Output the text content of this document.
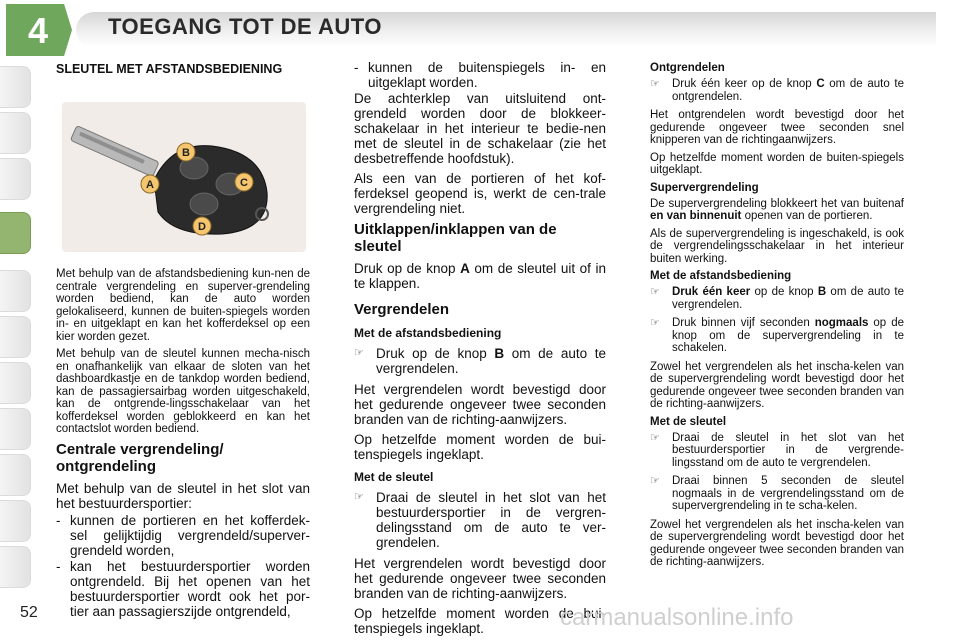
4	TOEGANG TOT DE AUTO
SLEUTEL MET AFSTANDSBEDIENING
B
C
A
D

Met behulp van de afstandsbediening kun-nen de centrale vergrendeling en superver-grendeling worden bediend, kan de auto worden gelokaliseerd, kunnen de buiten-spiegels worden in- en uitgeklapt en kan het kofferdeksel op een kier worden gezet.

Met behulp van de sleutel kunnen mecha-nisch en onafhankelijk van elkaar de sloten van het dashboardkastje en de tankdop worden bediend, kan de passagiersairbag worden uitgeschakeld, kan de ontgrende-lingsschakelaar van het kofferdeksel worden geblokkeerd en kan het contactslot worden bediend.

Centrale vergrendeling/ ontgrendeling

Met behulp van de sleutel in het slot van het bestuurdersportier:

- kunnen de portieren en het kofferdek-sel gelijktijdig vergrendeld/superver-grendeld worden,
- kan het bestuurdersportier worden ontgrendeld. Bij het openen van het bestuurdersportier wordt ook het por-tier aan passagierszijde ontgrendeld,
- kunnen de buitenspiegels in- en uitgeklapt worden.

De achterklep van uitsluitend ont-grendeld worden door de blokkeer-schakelaar in het interieur te bedie-nen met de sleutel in de schakelaar (zie het desbetreffende hoofdstuk).

Als een van de portieren of het kof-ferdeksel geopend is, werkt de cen-trale vergrendeling niet.

Uitklappen/inklappen van de sleutel

Druk op de knop A om de sleutel uit of in te klappen.

Vergrendelen
Met de afstandsbediening
☞ Druk op de knop B om de auto te vergrendelen.

Het vergrendelen wordt bevestigd door het gedurende ongeveer twee seconden branden van de richting-aanwijzers.

Op hetzelfde moment worden de bui-tenspiegels ingeklapt.

Met de sleutel
☞ Draai de sleutel in het slot van het bestuurdersportier in de vergren-delingsstand om de auto te ver-grendelen.

Het vergrendelen wordt bevestigd door het gedurende ongeveer twee seconden branden van de richting-aanwijzers.

Op hetzelfde moment worden de bui-tenspiegels ingeklapt.

Ontgrendelen
☞	Druk één keer op de knop C om de auto te ontgrendelen.

Het ontgrendelen wordt bevestigd door het gedurende ongeveer twee seconden snel knipperen van de richtingaanwijzers.

Op hetzelfde moment worden de buiten-spiegels uitgeklapt.

Supervergrendeling

De supervergrendeling blokkeert het van buitenaf en van binnenuit openen van de portieren.

Als de supervergrendeling is ingeschakeld, is ook de vergrendelingsschakelaar in het interieur buiten werking.

Met de afstandsbediening
☞	Druk één keer op de knop B om de auto te vergrendelen.
☞	Druk binnen vijf seconden nogmaals op de knop om de supervergrendeling in te schakelen.

Zowel het vergrendelen als het inscha-kelen van de supervergrendeling wordt bevestigd door het gedurende ongeveer twee seconden branden van de richting-aanwijzers.

Met de sleutel
☞	Draai de sleutel in het slot van het bestuurdersportier in de vergrende-lingsstand om de auto te vergrendelen.
☞	Draai binnen 5 seconden de sleutel nogmaals in de vergrendelingsstand om de supervergrendeling in te scha-kelen.

Zowel het vergrendelen als het inscha-kelen van de supervergrendeling wordt bevestigd door het gedurende ongeveer twee seconden branden van de richting-aanwijzers.

52	carmanualsonline.info
